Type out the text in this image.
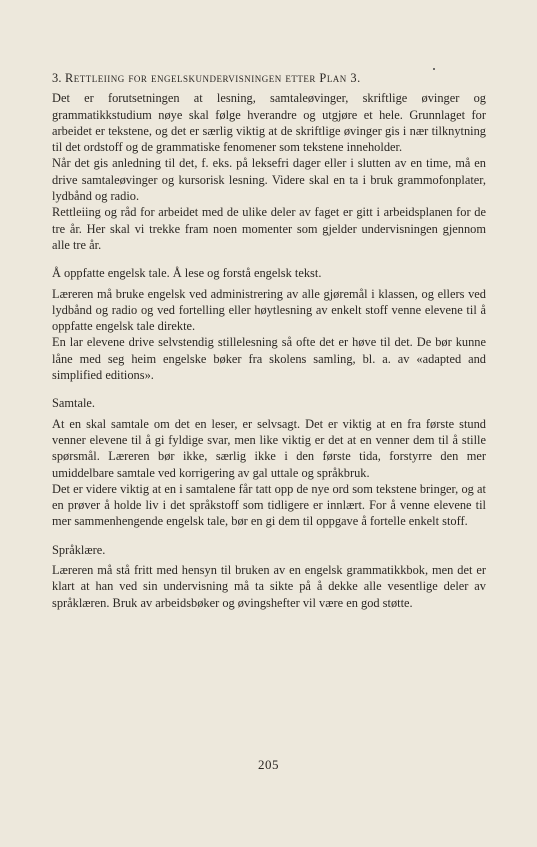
3. Rettleiing for engelskundervisningen etter Plan 3.

Det er forutsetningen at lesning, samtaleøvinger, skriftlige øvinger og grammatikkstudium nøye skal følge hverandre og utgjøre et hele. Grunnlaget for arbeidet er tekstene, og det er særlig viktig at de skriftlige øvinger gis i nær tilknytning til det ordstoff og de grammatiske fenomener som tekstene inneholder.

Når det gis anledning til det, f. eks. på leksefri dager eller i slutten av en time, må en drive samtaleøvinger og kursorisk lesning. Videre skal en ta i bruk grammofonplater, lydbånd og radio.

Rettleiing og råd for arbeidet med de ulike deler av faget er gitt i arbeidsplanen for de tre år. Her skal vi trekke fram noen momenter som gjelder undervisningen gjennom alle tre år.

Å oppfatte engelsk tale. Å lese og forstå engelsk tekst.

Læreren må bruke engelsk ved administrering av alle gjøremål i klassen, og ellers ved lydbånd og radio og ved fortelling eller høytlesning av enkelt stoff venne elevene til å oppfatte engelsk tale direkte.

En lar elevene drive selvstendig stillelesning så ofte det er høve til det. De bør kunne låne med seg heim engelske bøker fra skolens samling, bl. a. av «adapted and simplified editions».

Samtale.

At en skal samtale om det en leser, er selvsagt. Det er viktig at en fra første stund venner elevene til å gi fyldige svar, men like viktig er det at en venner dem til å stille spørsmål. Læreren bør ikke, særlig ikke i den første tida, forstyrre den mer umiddelbare samtale ved korrigering av gal uttale og språkbruk.

Det er videre viktig at en i samtalene får tatt opp de nye ord som tekstene bringer, og at en prøver å holde liv i det språkstoff som tidligere er innlært. For å venne elevene til mer sammenhengende engelsk tale, bør en gi dem til oppgave å fortelle enkelt stoff.

Språklære.

Læreren må stå fritt med hensyn til bruken av en engelsk grammatikkbok, men det er klart at han ved sin undervisning må ta sikte på å dekke alle vesentlige deler av språklæren. Bruk av arbeidsbøker og øvingshefter vil være en god støtte.

205
